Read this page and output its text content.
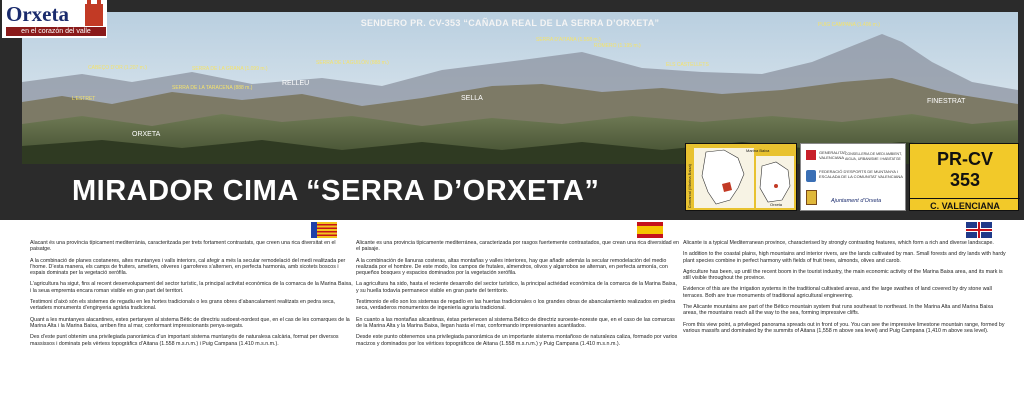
Orxeta
en el corazón del valle
SENDERO PR. CV-353 “CAÑADA REAL DE LA SERRA D’ORXETA”
CABEÇO D’OR (1.207 m.)	SERRA DE LA GRANA (1.099 m.)
SERRA DE LA TARACENA (888 m.)
SERRA DE L’AGUILÓN (888 m.)
SERRA D’AITANA (1.558 m.)
ROMERO (1.195 m.)
ELS CASTELLETS
PUIG CAMPANA (1.406 m.)
L’ESTRET
RELLEU
SELLA
ORXETA
FINESTRAT
MIRADOR CIMA “SERRA D’ORXETA”	Comarcal (Marina Baixa)
Marina Baixa
Orxeta
GENERALITAT VALENCIANA
CONSELLERIA DE MEDI AMBIENT, AIGUA, URBANISME I HABITATGE
FEDERACIÓ D’ESPORTS DE MUNTANYA I ESCALADA DE LA COMUNITAT VALENCIANA
Ajuntament d’Orxeta
PR-CV
353
C. VALENCIANA

Alacant és una província típicament mediterrània, caracteritzada per trets fortament contrastats, que creen una rica diversitat en el paisatge.

A la combinació de planes costaneres, altes muntanyes i valls interiors, cal afegir a més la secular remodelació del medi realitzada per l’home. D’esta manera, els camps de fruiters, ametlers, oliveres i garroferes s’alternen, en perfecta harmonia, amb xicotets boscos i espais dominats per la vegetació xeròfila.

L’agricultura ha sigut, fins al recent desenvolupament del sector turístic, la principal activitat econòmica de la comarca de la Marina Baixa, i la seua empremta encara roman visible en gran part del territori.

Testimoni d’això són els sistemes de regadiu en les hortes tradicionals o les grans obres d’abancalament realitzats en pedra seca, vertaders monuments d’enginyeria agrària tradicional.

Quant a les muntanyes alacantines, estes pertanyen al sistema Bètic de directriu sudoest-nordest que, en el cas de les comarques de la Marina Alta i la Marina Baixa, arriben fins al mar, conformant impressionants penya-segats.

Des d’este punt obtenim una privilegiada panoràmica d’un important sistema muntanyós de naturalesa calcària, format per diversos massissos i dominats pels vèrtexs topogràfics d’Aitana (1.558 m.s.n.m.) i Puig Campana (1.410 m.s.n.m.).

Alicante es una provincia típicamente mediterránea, caracterizada por rasgos fuertemente contrastados, que crean una rica diversidad en el paisaje.

A la combinación de llanuras costeras, altas montañas y valles interiores, hay que añadir además la secular remodelación del medio realizada por el hombre. De este modo, los campos de frutales, almendros, olivos y algarrobos se alternan, en perfecta armonía, con pequeños bosques y espacios dominados por la vegetación xerófila.

La agricultura ha sido, hasta el reciente desarrollo del sector turístico, la principal actividad económica de la comarca de la Marina Baixa, y su huella todavía permanece visible en gran parte del territorio.

Testimonio de ello son los sistemas de regadío en las huertas tradicionales o los grandes obras de abancalamiento realizados en piedra seca, verdaderos monumentos de ingeniería agraria tradicional.

En cuanto a las montañas alicantinas, éstas pertenecen al sistema Bético de directriz suroeste-noreste que, en el caso de las comarcas de la Marina Alta y la Marina Baixa, llegan hasta el mar, conformando impresionantes acantilados.

Desde este punto obtenemos una privilegiada panorámica de un importante sistema montañoso de naturaleza caliza, formado por varios macizos y dominados por los vértices topográficos de Aitana (1.558 m.s.n.m.) y Puig Campana (1.410 m.s.n.m.).

Alicante is a typical Mediterranean province, characterised by strongly contrasting features, which form a rich and diverse landscape.

In addition to the coastal plains, high mountains and interior rivers, are the lands cultivated by man. Small forests and dry lands with hardy plant species combine in perfect harmony with fields of fruit trees, almonds, olives and carob.

Agriculture has been, up until the recent boom in the tourist industry, the main economic activity of the Marina Baixa area, and its mark is still visible throughout the province.

Evidence of this are the irrigation systems in the traditional cultivated areas, and the large swathes of land covered by dry stone wall terraces. Both are true monuments of traditional agricultural engineering.

The Alicante mountains are part of the Bético mountain system that runs southeast to northeast. In the Marina Alta and Marina Baixa areas, the mountains reach all the way to the sea, forming impressive cliffs.

From this view point, a privileged panorama spreads out in front of you. You can see the impressive limestone mountain range, formed by various massifs and dominated by the summits of Aitana (1,558 m above sea level) and Puig Campana (1,410 m above sea level).
